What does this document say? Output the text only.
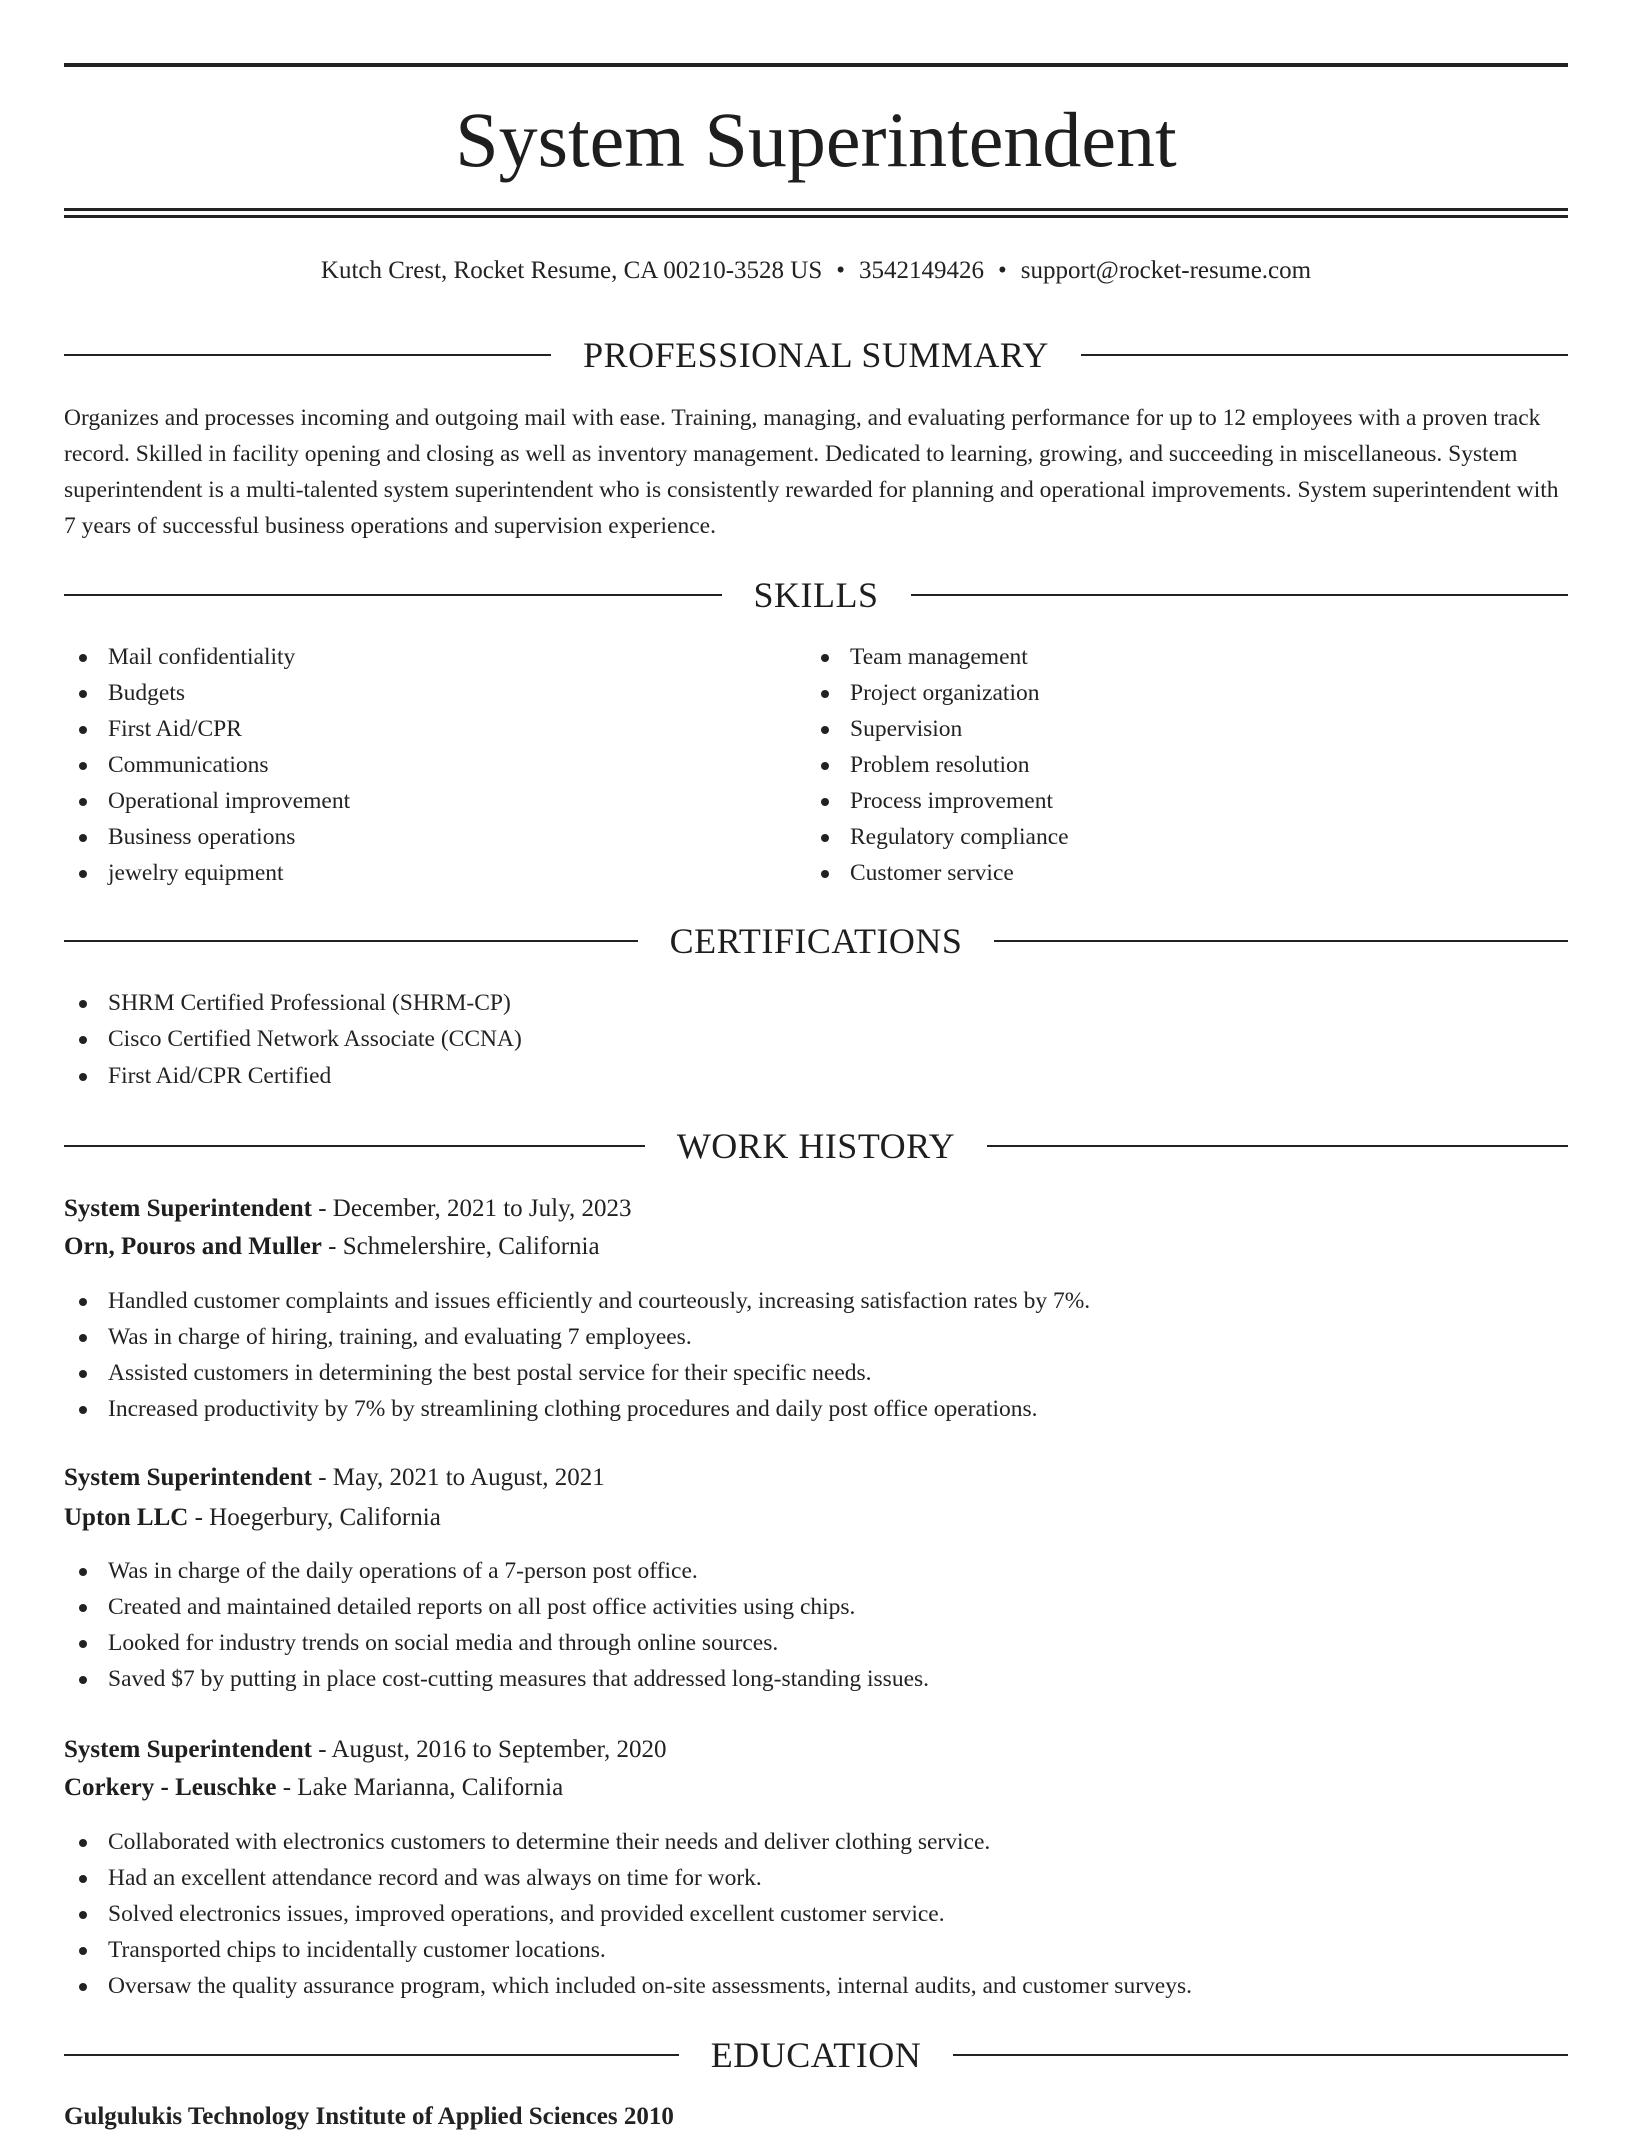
System Superintendent
Kutch Crest, Rocket Resume, CA 00210-3528 US • 3542149426 • support@rocket-resume.com
PROFESSIONAL SUMMARY

Organizes and processes incoming and outgoing mail with ease. Training, managing, and evaluating performance for up to 12 employees with a proven track record. Skilled in facility opening and closing as well as inventory management. Dedicated to learning, growing, and succeeding in miscellaneous. System superintendent is a multi-talented system superintendent who is consistently rewarded for planning and operational improvements. System superintendent with 7 years of successful business operations and supervision experience.

SKILLS
Mail confidentiality
Budgets
First Aid/CPR
Communications
Operational improvement
Business operations
jewelry equipment
Team management
Project organization
Supervision
Problem resolution
Process improvement
Regulatory compliance
Customer service
CERTIFICATIONS
SHRM Certified Professional (SHRM-CP)
Cisco Certified Network Associate (CCNA)
First Aid/CPR Certified
WORK HISTORY
System Superintendent - December, 2021 to July, 2023
Orn, Pouros and Muller - Schmelershire, California
Handled customer complaints and issues efficiently and courteously, increasing satisfaction rates by 7%.
Was in charge of hiring, training, and evaluating 7 employees.
Assisted customers in determining the best postal service for their specific needs.
Increased productivity by 7% by streamlining clothing procedures and daily post office operations.
System Superintendent - May, 2021 to August, 2021
Upton LLC - Hoegerbury, California
Was in charge of the daily operations of a 7-person post office.
Created and maintained detailed reports on all post office activities using chips.
Looked for industry trends on social media and through online sources.
Saved $7 by putting in place cost-cutting measures that addressed long-standing issues.
System Superintendent - August, 2016 to September, 2020
Corkery - Leuschke - Lake Marianna, California
Collaborated with electronics customers to determine their needs and deliver clothing service.
Had an excellent attendance record and was always on time for work.
Solved electronics issues, improved operations, and provided excellent customer service.
Transported chips to incidentally customer locations.
Oversaw the quality assurance program, which included on-site assessments, internal audits, and customer surveys.
EDUCATION
Gulgulukis Technology Institute of Applied Sciences 2010
